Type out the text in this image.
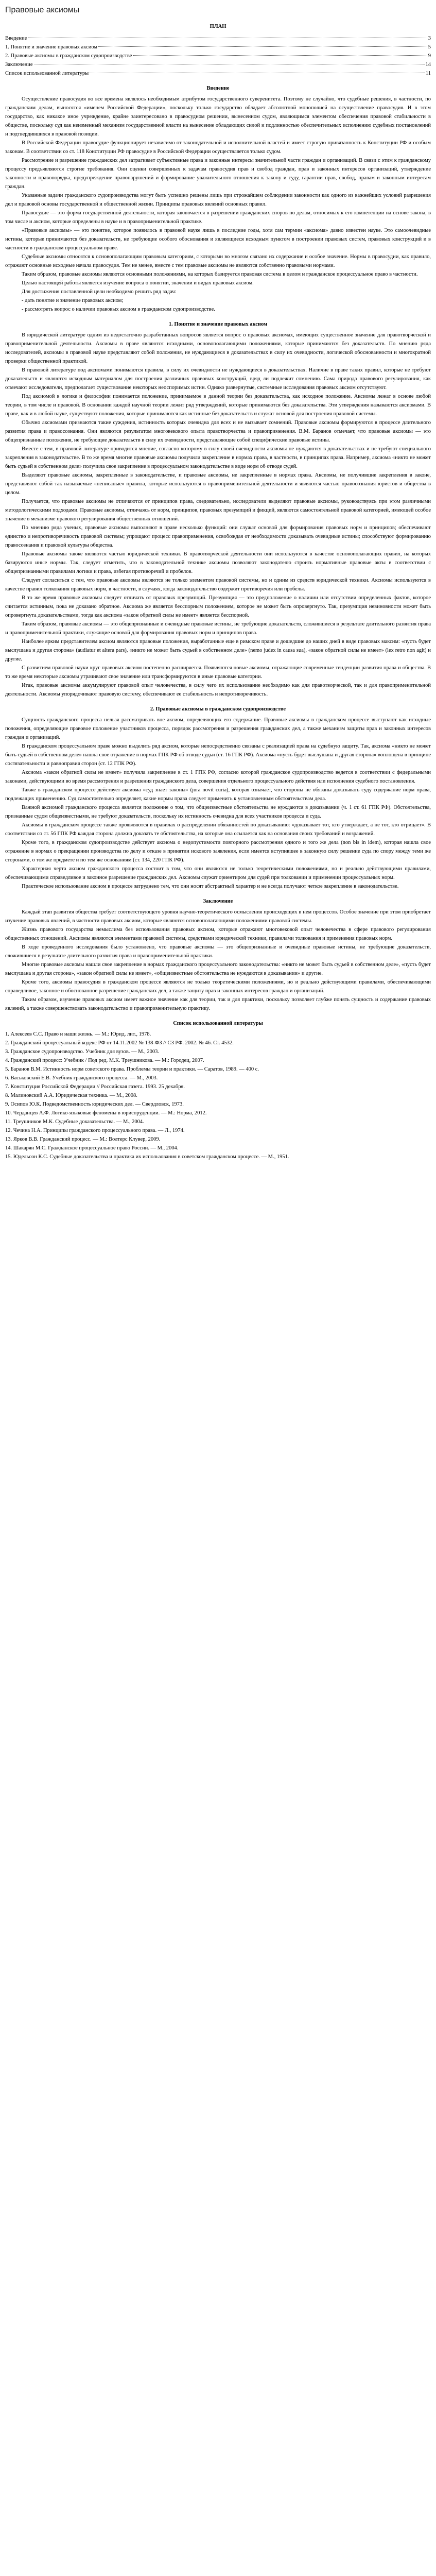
Правовые аксиомы
ПЛАН
Введение	3
1. Понятие и значение правовых аксиом	5
2. Правовые аксиомы в гражданском судопроизводстве	9
Заключение	14
Список использованной литературы	11
Введение

Осуществление правосудия во все времена являлось необходимым атрибутом государственного суверенитета. Поэтому не случайно, что судебные решения, в частности, по гражданским делам, выносятся «именем Российской Федерации», поскольку только государство обладает абсолютной монополией на осуществление правосудия. И в этом государство, как никакое иное учреждение, крайне заинтересовано в правосудном решении, вынесенном судом, являющимся элементом обеспечения правовой стабильности в обществе, поскольку суд как неизменный механизм государственной власти на вынесение обладающих силой и подлинностью обеспечительных исполнению судебных постановлений и подтвердившихся в правовой позиции.

В Российской Федерации правосудие функционирует независимо от законодательной и исполнительной властей и имеет строгую привязанность к Конституции РФ и особым законам. В соответствии со ст. 118 Конституции РФ правосудие в Российской Федерации осуществляется только судом.

Рассмотрение и разрешение гражданских дел затрагивает субъективные права и законные интересы значительной части граждан и организаций. В связи с этим к гражданскому процессу предъявляются строгие требования. Они оценки совершенных к задачам правосудия прав и свобод граждан, прав и законных интересов организаций, утверждение законности и правопорядка, предупреждение правонарушений и формирование уважительного отношения к закону и суду, гарантии прав, свобод, правам и законным интересам граждан.

Указанные задачи гражданского судопроизводства могут быть успешно решены лишь при строжайшем соблюдении законности как одного из важнейших условий разрешения дел и правовой основы государственной и общественной жизни. Принципы правовых явлений основных правил.

Правосудие — это форма государственной деятельности, которая заключается в разрешении гражданских споров по делам, относимых к его компетенции на основе закона, в том числе и аксиом, которые определены в науке и в правоприменительной практике.

«Правовые аксиомы» — это понятие, которое появилось в правовой науке лишь в последние годы, хотя сам термин «аксиома» давно известен науке. Это самоочевидные истины, которые принимаются без доказательств, не требующие особого обоснования и являющиеся исходным пунктом в построении правовых систем, правовых конструкций и в частности в гражданском процессуальном праве.

Судебные аксиомы относятся к основополагающим правовым категориям, с которыми во многом связано их содержание и особое значение. Нормы в правосудии, как правило, отражают основные исходные начала правосудия. Тем не менее, вместе с тем правовые аксиомы не являются собственно правовыми нормами.

Таким образом, правовые аксиомы являются основными положениями, на которых базируется правовая система в целом и гражданское процессуальное право в частности.

Целью настоящей работы является изучение вопроса о понятии, значении и видах правовых аксиом.

Для достижения поставленной цели необходимо решить ряд задач:

- дать понятие и значение правовых аксиом;

- рассмотреть вопрос о наличии правовых аксиом в гражданском судопроизводстве.

1. Понятие и значение правовых аксиом

В юридической литературе одним из недостаточно разработанных вопросов является вопрос о правовых аксиомах, имеющих существенное значение для правотворческой и правоприменительной деятельности. Аксиомы в праве являются исходными, основополагающими положениями, которые принимаются без доказательств. По мнению ряда исследователей, аксиомы в правовой науке представляют собой положения, не нуждающиеся в доказательствах в силу их очевидности, логической обоснованности и многократной проверки общественной практикой.

В правовой литературе под аксиомами понимаются правила, в силу их очевидности не нуждающиеся в доказательствах. Наличие в праве таких правил, которые не требуют доказательств и являются исходным материалом для построения различных правовых конструкций, вряд ли подлежит сомнению. Сама природа правового регулирования, как отмечают исследователи, предполагает существование некоторых неоспоримых истин. Однако развернутые, системные исследования правовых аксиом отсутствуют.

Под аксиомой в логике и философии понимается положение, принимаемое в данной теории без доказательства, как исходное положение. Аксиомы лежат в основе любой теории, в том числе и правовой. В основании каждой научной теории лежит ряд утверждений, которые принимаются без доказательства. Эти утверждения называются аксиомами. В праве, как и в любой науке, существуют положения, которые принимаются как истинные без доказательств и служат основой для построения правовой системы.

Обычно аксиомами признаются такие суждения, истинность которых очевидна для всех и не вызывает сомнений. Правовые аксиомы формируются в процессе длительного развития права и правосознания. Они являются результатом многовекового опыта правотворчества и правоприменения. В.М. Баранов отмечает, что правовые аксиомы — это общепризнанные положения, не требующие доказательств в силу их очевидности, представляющие собой специфические правовые истины.

Вместе с тем, в правовой литературе приводится мнение, согласно которому в силу своей очевидности аксиомы не нуждаются в доказательствах и не требуют специального закрепления в законодательстве. В то же время многие правовые аксиомы получили закрепление в нормах права, в частности, в принципах права. Например, аксиома «никто не может быть судьей в собственном деле» получила свое закрепление в процессуальном законодательстве в виде норм об отводе судей.

Выделяют правовые аксиомы, закрепленные в законодательстве, и правовые аксиомы, не закрепленные в нормах права. Аксиомы, не получившие закрепления в законе, представляют собой так называемые «неписаные» правила, которые используются в правоприменительной деятельности и являются частью правосознания юристов и общества в целом.

Получается, что правовые аксиомы не отличаются от принципов права, следовательно, исследователи выделяют правовые аксиомы, руководствуясь при этом различными методологическими подходами. Правовые аксиомы, отличаясь от норм, принципов, правовых презумпций и фикций, являются самостоятельной правовой категорией, имеющей особое значение в механизме правового регулирования общественных отношений.

По мнению ряда ученых, правовые аксиомы выполняют в праве несколько функций: они служат основой для формирования правовых норм и принципов; обеспечивают единство и непротиворечивость правовой системы; упрощают процесс правоприменения, освобождая от необходимости доказывать очевидные истины; способствуют формированию правосознания и правовой культуры общества.

Правовые аксиомы также являются частью юридической техники. В правотворческой деятельности они используются в качестве основополагающих правил, на которых базируются иные нормы. Так, следует отметить, что в законодательной технике аксиомы позволяют законодателю строить нормативные правовые акты в соответствии с общепризнанными правилами логики и права, избегая противоречий и пробелов.

Следует согласиться с тем, что правовые аксиомы являются не только элементом правовой системы, но и одним из средств юридической техники. Аксиомы используются в качестве правил толкования правовых норм, в частности, в случаях, когда законодательство содержит противоречия или пробелы.

В то же время правовые аксиомы следует отличать от правовых презумпций. Презумпция — это предположение о наличии или отсутствии определенных фактов, которое считается истинным, пока не доказано обратное. Аксиома же является бесспорным положением, которое не может быть опровергнуто. Так, презумпция невиновности может быть опровергнута доказательствами, тогда как аксиома «закон обратной силы не имеет» является бесспорной.

Таким образом, правовые аксиомы — это общепризнанные и очевидные правовые истины, не требующие доказательств, сложившиеся в результате длительного развития права и правоприменительной практики, служащие основой для формирования правовых норм и принципов права.

Наиболее ярким представителем аксиом являются правовые положения, выработанные еще в римском праве и дошедшие до наших дней в виде правовых максим: «пусть будет выслушана и другая сторона» (audiatur et altera pars), «никто не может быть судьей в собственном деле» (nemo judex in causa sua), «закон обратной силы не имеет» (lex retro non agit) и другие.

С развитием правовой науки круг правовых аксиом постепенно расширяется. Появляются новые аксиомы, отражающие современные тенденции развития права и общества. В то же время некоторые аксиомы утрачивают свое значение или трансформируются в иные правовые категории.

Итак, правовые аксиомы аккумулируют правовой опыт человечества, в силу чего их использование необходимо как для правотворческой, так и для правоприменительной деятельности. Аксиомы упорядочивают правовую систему, обеспечивают ее стабильность и непротиворечивость.

2. Правовые аксиомы в гражданском судопроизводстве

Сущность гражданского процесса нельзя рассматривать вне аксиом, определяющих его содержание. Правовые аксиомы в гражданском процессе выступают как исходные положения, определяющие правовое положение участников процесса, порядок рассмотрения и разрешения гражданских дел, а также механизм защиты прав и законных интересов граждан и организаций.

В гражданском процессуальном праве можно выделить ряд аксиом, которые непосредственно связаны с реализацией права на судебную защиту. Так, аксиома «никто не может быть судьей в собственном деле» нашла свое отражение в нормах ГПК РФ об отводе судьи (ст. 16 ГПК РФ). Аксиома «пусть будет выслушана и другая сторона» воплощена в принципе состязательности и равноправия сторон (ст. 12 ГПК РФ).

Аксиома «закон обратной силы не имеет» получила закрепление в ст. 1 ГПК РФ, согласно которой гражданское судопроизводство ведется в соответствии с федеральными законами, действующими во время рассмотрения и разрешения гражданского дела, совершения отдельного процессуального действия или исполнения судебного постановления.

Также в гражданском процессе действует аксиома «суд знает законы» (jura novit curia), которая означает, что стороны не обязаны доказывать суду содержание норм права, подлежащих применению. Суд самостоятельно определяет, какие нормы права следует применить к установленным обстоятельствам дела.

Важной аксиомой гражданского процесса является положение о том, что общеизвестные обстоятельства не нуждаются в доказывании (ч. 1 ст. 61 ГПК РФ). Обстоятельства, признанные судом общеизвестными, не требуют доказательств, поскольку их истинность очевидна для всех участников процесса и суда.

Аксиомы в гражданском процессе также проявляются в правилах о распределении обязанностей по доказыванию: «доказывает тот, кто утверждает, а не тот, кто отрицает». В соответствии со ст. 56 ГПК РФ каждая сторона должна доказать те обстоятельства, на которые она ссылается как на основания своих требований и возражений.

Кроме того, в гражданском судопроизводстве действует аксиома о недопустимости повторного рассмотрения одного и того же дела (non bis in idem), которая нашла свое отражение в нормах о прекращении производства по делу и отказе в принятии искового заявления, если имеется вступившее в законную силу решение суда по спору между теми же сторонами, о том же предмете и по тем же основаниям (ст. 134, 220 ГПК РФ).

Характерная черта аксиом гражданского процесса состоит в том, что они являются не только теоретическими положениями, но и реально действующими правилами, обеспечивающими справедливое и законное разрешение гражданских дел. Аксиомы служат ориентиром для судей при толковании и применении процессуальных норм.

Практическое использование аксиом в процессе затруднено тем, что они носят абстрактный характер и не всегда получают четкое закрепление в законодательстве.

Заключение

Каждый этап развития общества требует соответствующего уровня научно-теоретического осмысления происходящих в нем процессов. Особое значение при этом приобретает изучение правовых явлений, в частности правовых аксиом, которые являются основополагающими положениями правовой системы.

Жизнь правового государства немыслима без использования правовых аксиом, которые отражают многовековой опыт человечества в сфере правового регулирования общественных отношений. Аксиомы являются элементами правовой системы, средствами юридической техники, правилами толкования и применения правовых норм.

В ходе проведенного исследования было установлено, что правовые аксиомы — это общепризнанные и очевидные правовые истины, не требующие доказательств, сложившиеся в результате длительного развития права и правоприменительной практики.

Многие правовые аксиомы нашли свое закрепление в нормах гражданского процессуального законодательства: «никто не может быть судьей в собственном деле», «пусть будет выслушана и другая сторона», «закон обратной силы не имеет», «общеизвестные обстоятельства не нуждаются в доказывании» и другие.

Кроме того, аксиомы правосудия в гражданском процессе являются не только теоретическими положениями, но и реально действующими правилами, обеспечивающими справедливое, законное и обоснованное разрешение гражданских дел, а также защиту прав и законных интересов граждан и организаций.

Таким образом, изучение правовых аксиом имеет важное значение как для теории, так и для практики, поскольку позволяет глубже понять сущность и содержание правовых явлений, а также совершенствовать законодательство и правоприменительную практику.

Список использованной литературы
1. Алексеев С.С. Право и наши жизнь. — М.: Юрид. лит., 1978.
2. Гражданский процессуальный кодекс РФ от 14.11.2002 № 138-ФЗ // СЗ РФ. 2002. № 46. Ст. 4532.
3. Гражданское судопроизводство. Учебник для вузов. — М., 2003.
4. Гражданский процесс: Учебник / Под ред. М.К. Треушникова. — М.: Городец, 2007.
5. Баранов В.М. Истинность норм советского права. Проблемы теории и практики. — Саратов, 1989. — 400 с.
6. Васьковский Е.В. Учебник гражданского процесса. — М., 2003.
7. Конституция Российской Федерации // Российская газета. 1993. 25 декабря.
8. Малиновский А.А. Юридическая техника. — М., 2008.
9. Осипов Ю.К. Подведомственность юридических дел. — Свердловск, 1973.
10. Черданцев А.Ф. Логико-языковые феномены в юриспруденции. — М.: Норма, 2012.
11. Треушников М.К. Судебные доказательства. — М., 2004.
12. Чечина Н.А. Принципы гражданского процессуального права. — Л., 1974.
13. Ярков В.В. Гражданский процесс. — М.: Волтерс Клувер, 2009.
14. Шакарян М.С. Гражданское процессуальное право России. — М., 2004.
15. Юдельсон К.С. Судебные доказательства и практика их использования в советском гражданском процессе. — М., 1951.
